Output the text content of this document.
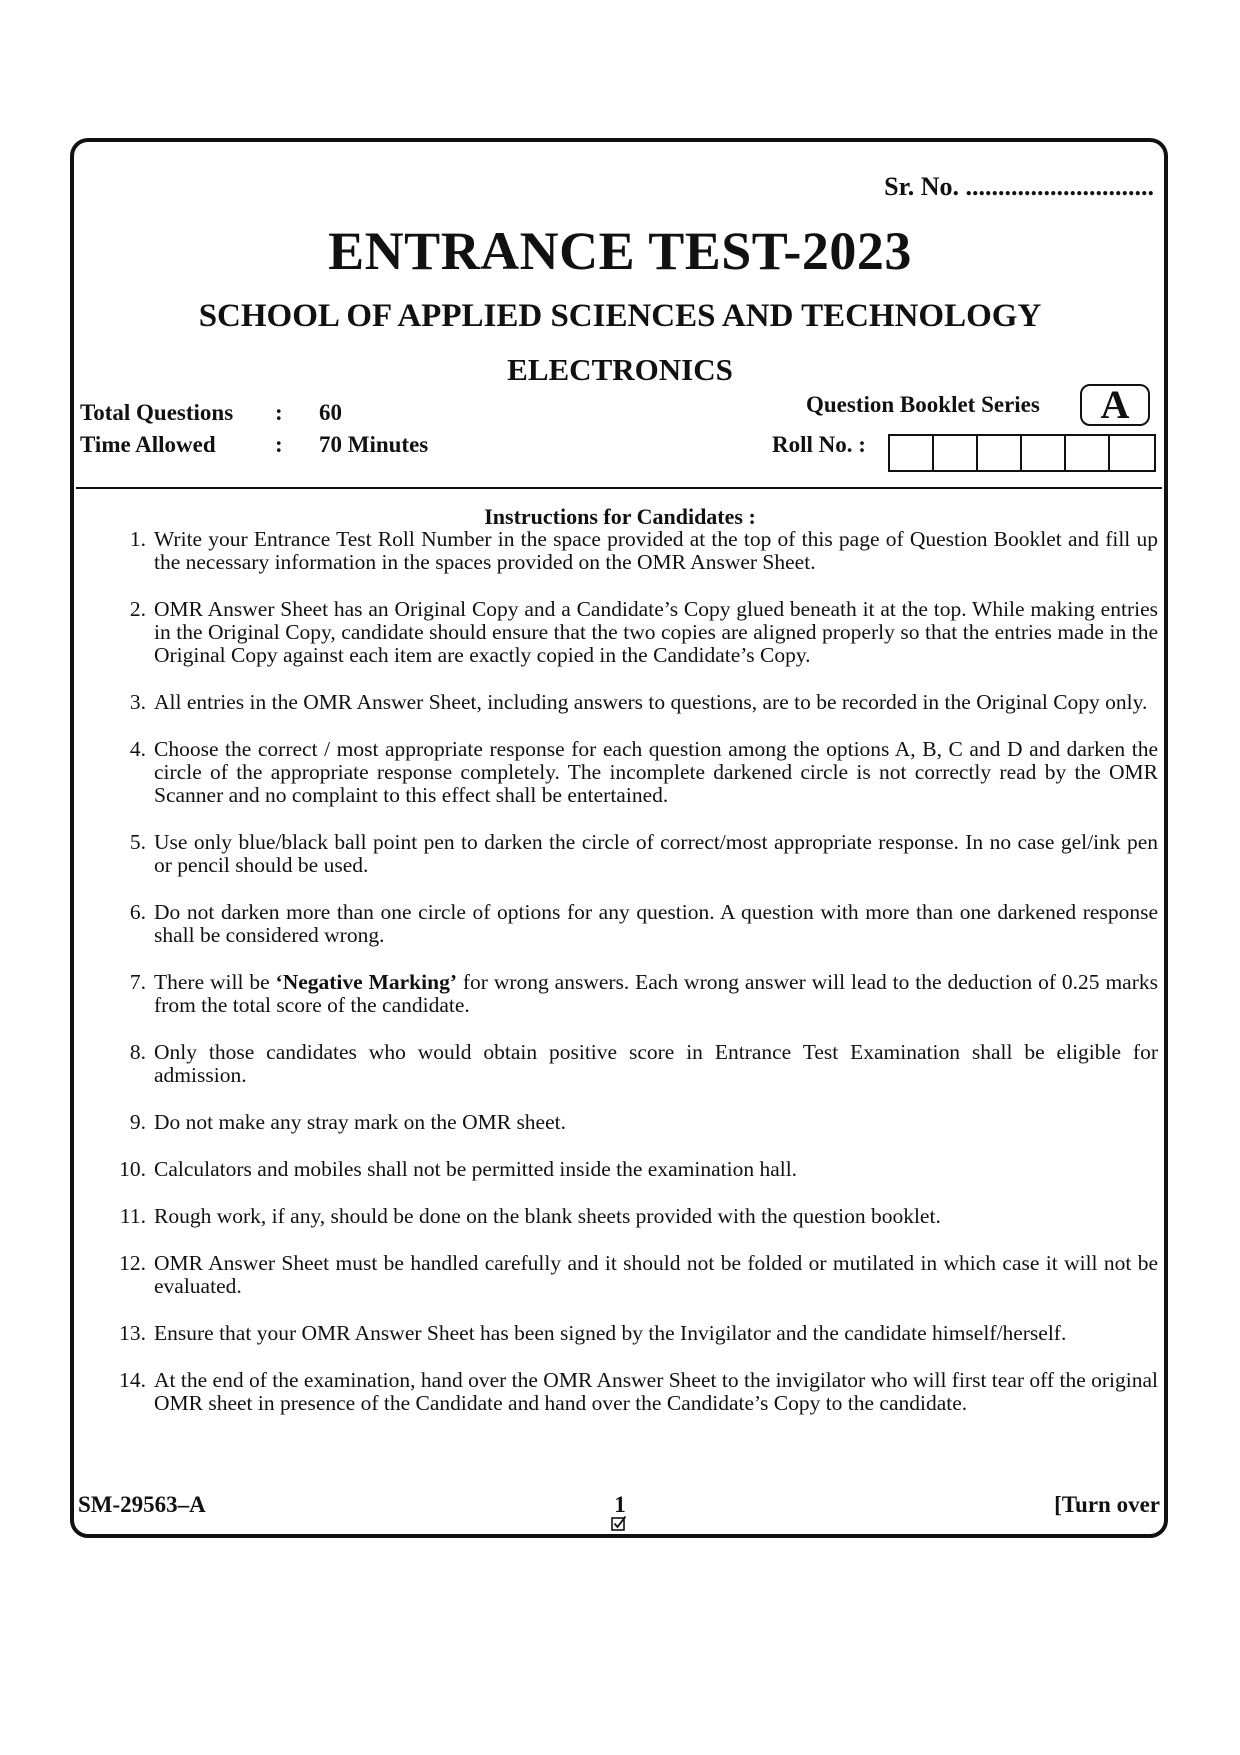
Sr. No. .............................
ENTRANCE TEST-2023
SCHOOL OF APPLIED SCIENCES AND TECHNOLOGY
ELECTRONICS
Total Questions : 60
Time Allowed	: 70 Minutes
Question Booklet Series	A
Roll No. :
Instructions for Candidates :
1. Write your Entrance Test Roll Number in the space provided at the top of this page of Question Booklet and fill up the necessary information in the spaces provided on the OMR Answer Sheet.
2. OMR Answer Sheet has an Original Copy and a Candidate’s Copy glued beneath it at the top. While making entries in the Original Copy, candidate should ensure that the two copies are aligned properly so that the entries made in the Original Copy against each item are exactly copied in the Candidate’s Copy.
3. All entries in the OMR Answer Sheet, including answers to questions, are to be recorded in the Original Copy only.
4. Choose the correct / most appropriate response for each question among the options A, B, C and D and darken the circle of the appropriate response completely. The incomplete darkened circle is not correctly read by the OMR Scanner and no complaint to this effect shall be entertained.
5. Use only blue/black ball point pen to darken the circle of correct/most appropriate response. In no case gel/ink pen or pencil should be used.
6. Do not darken more than one circle of options for any question. A question with more than one darkened response shall be considered wrong.
7. There will be ‘Negative Marking’ for wrong answers. Each wrong answer will lead to the deduction of 0.25 marks from the total score of the candidate.
8. Only those candidates who would obtain positive score in Entrance Test Examination shall be eligible for admission.
9. Do not make any stray mark on the OMR sheet.
10. Calculators and mobiles shall not be permitted inside the examination hall.
11. Rough work, if any, should be done on the blank sheets provided with the question booklet.
12. OMR Answer Sheet must be handled carefully and it should not be folded or mutilated in which case it will not be evaluated.
13. Ensure that your OMR Answer Sheet has been signed by the Invigilator and the candidate himself/herself.
14. At the end of the examination, hand over the OMR Answer Sheet to the invigilator who will first tear off the original OMR sheet in presence of the Candidate and hand over the Candidate’s Copy to the candidate.
SM-29563–A	1	[Turn over
